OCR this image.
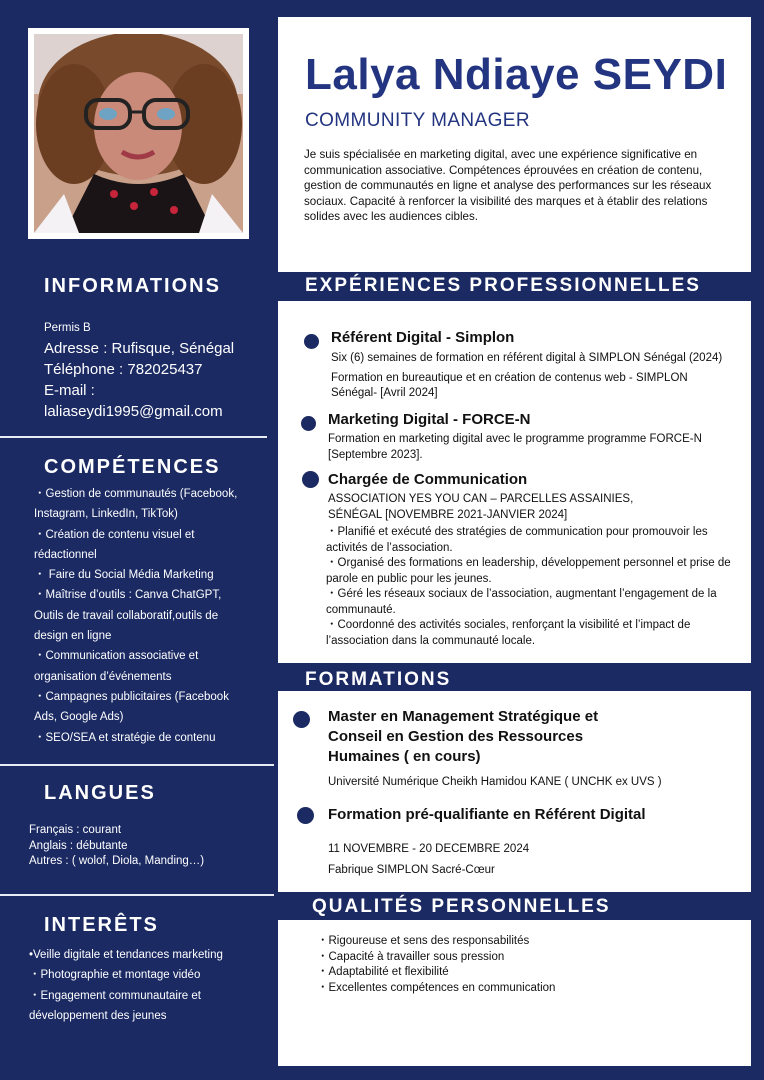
Lalya Ndiaye SEYDI
COMMUNITY MANAGER
Je suis spécialisée en marketing digital, avec une expérience significative en communication associative. Compétences éprouvées en création de contenu, gestion de communautés en ligne et analyse des performances sur les réseaux sociaux. Capacité à renforcer la visibilité des marques et à établir des relations solides avec les audiences cibles.
INFORMATIONS
Permis B
Adresse : Rufisque, Sénégal
Téléphone : 782025437
E-mail :
laliaseydi1995@gmail.com
COMPÉTENCES
・Gestion de communautés (Facebook, Instagram, LinkedIn, TikTok)
・Création de contenu visuel et rédactionnel
・ Faire du Social Média Marketing
・Maîtrise d’outils : Canva ChatGPT, Outils de travail collaboratif,outils de design en ligne
・Communication associative et organisation d’événements
・Campagnes publicitaires (Facebook Ads, Google Ads)
・SEO/SEA et stratégie de contenu
LANGUES
Français : courant
Anglais : débutante
Autres : ( wolof, Diola, Manding…)
INTERÊTS
•Veille digitale et tendances marketing
・Photographie et montage vidéo
・Engagement communautaire et développement des jeunes
EXPÉRIENCES PROFESSIONNELLES
Référent Digital - Simplon
Six (6) semaines de formation en référent digital à SIMPLON Sénégal (2024)
Formation en bureautique et en création de contenus web - SIMPLON Sénégal- [Avril 2024]
Marketing Digital - FORCE-N
Formation en marketing digital avec le programme programme FORCE-N [Septembre 2023].
Chargée de Communication
ASSOCIATION YES YOU CAN – PARCELLES ASSAINIES, SÉNÉGAL [NOVEMBRE 2021-JANVIER 2024]
・Planifié et exécuté des stratégies de communication pour promouvoir les activités de l’association.
・Organisé des formations en leadership, développement personnel et prise de parole en public pour les jeunes.
・Géré les réseaux sociaux de l’association, augmentant l’engagement de la communauté.
・Coordonné des activités sociales, renforçant la visibilité et l’impact de l’association dans la communauté locale.
FORMATIONS
Master en Management Stratégique et Conseil en Gestion des Ressources Humaines ( en cours)
Université Numérique Cheikh Hamidou KANE ( UNCHK ex UVS )
Formation pré-qualifiante en Référent Digital
11 NOVEMBRE - 20 DECEMBRE 2024
Fabrique SIMPLON Sacré-Cœur
QUALITÉS PERSONNELLES
・Rigoureuse et sens des responsabilités
・Capacité à travailler sous pression
・Adaptabilité et flexibilité
・Excellentes compétences en communication
